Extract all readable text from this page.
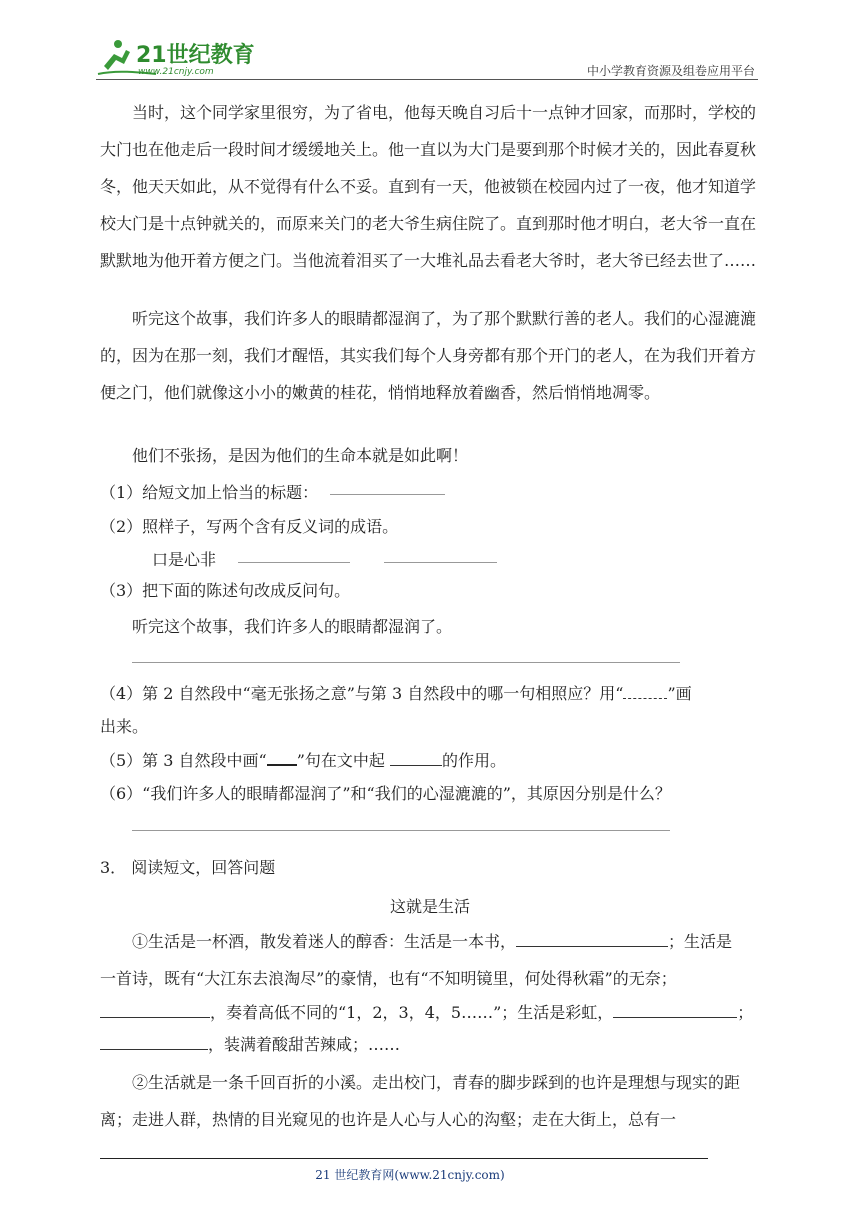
21世纪教育
www.21cnjy.com	中小学教育资源及组卷应用平台

当时，这个同学家里很穷，为了省电，他每天晚自习后十一点钟才回家，而那时，学校的大门也在他走后一段时间才缓缓地关上。他一直以为大门是要到那个时候才关的，因此春夏秋冬，他天天如此，从不觉得有什么不妥。直到有一天，他被锁在校园内过了一夜，他才知道学校大门是十点钟就关的，而原来关门的老大爷生病住院了。直到那时他才明白，老大爷一直在默默地为他开着方便之门。当他流着泪买了一大堆礼品去看老大爷时，老大爷已经去世了……

听完这个故事，我们许多人的眼睛都湿润了，为了那个默默行善的老人。我们的心湿漉漉的，因为在那一刻，我们才醒悟，其实我们每个人身旁都有那个开门的老人，在为我们开着方便之门，他们就像这小小的嫩黄的桂花，悄悄地释放着幽香，然后悄悄地凋零。

他们不张扬，是因为他们的生命本就是如此啊！

（1）给短文加上恰当的标题：
（2）照样子，写两个含有反义词的成语。
口是心非
（3）把下面的陈述句改成反问句。
听完这个故事，我们许多人的眼睛都湿润了。
（4）第 2 自然段中“毫无张扬之意”与第 3 自然段中的哪一句相照应？用“	”画
出来。
（5）第 3 自然段中画“ ”句在文中起	的作用。
（6）“我们许多人的眼睛都湿润了”和“我们的心湿漉漉的”，其原因分别是什么？
3． 阅读短文，回答问题
这就是生活
①生活是一杯酒，散发着迷人的醇香：生活是一本书，	；生活是
一首诗，既有“大江东去浪淘尽”的豪情，也有“不知明镜里，何处得秋霜”的无奈；
，奏着高低不同的“1，2，3，4，5……”；生活是彩虹，	；
，装满着酸甜苦辣咸；……

②生活就是一条千回百折的小溪。走出校门，青春的脚步踩到的也许是理想与现实的距离；走进人群，热情的目光窥见的也许是人心与人心的沟壑；走在大街上，总有一

21 世纪教育网(www.21cnjy.com)
